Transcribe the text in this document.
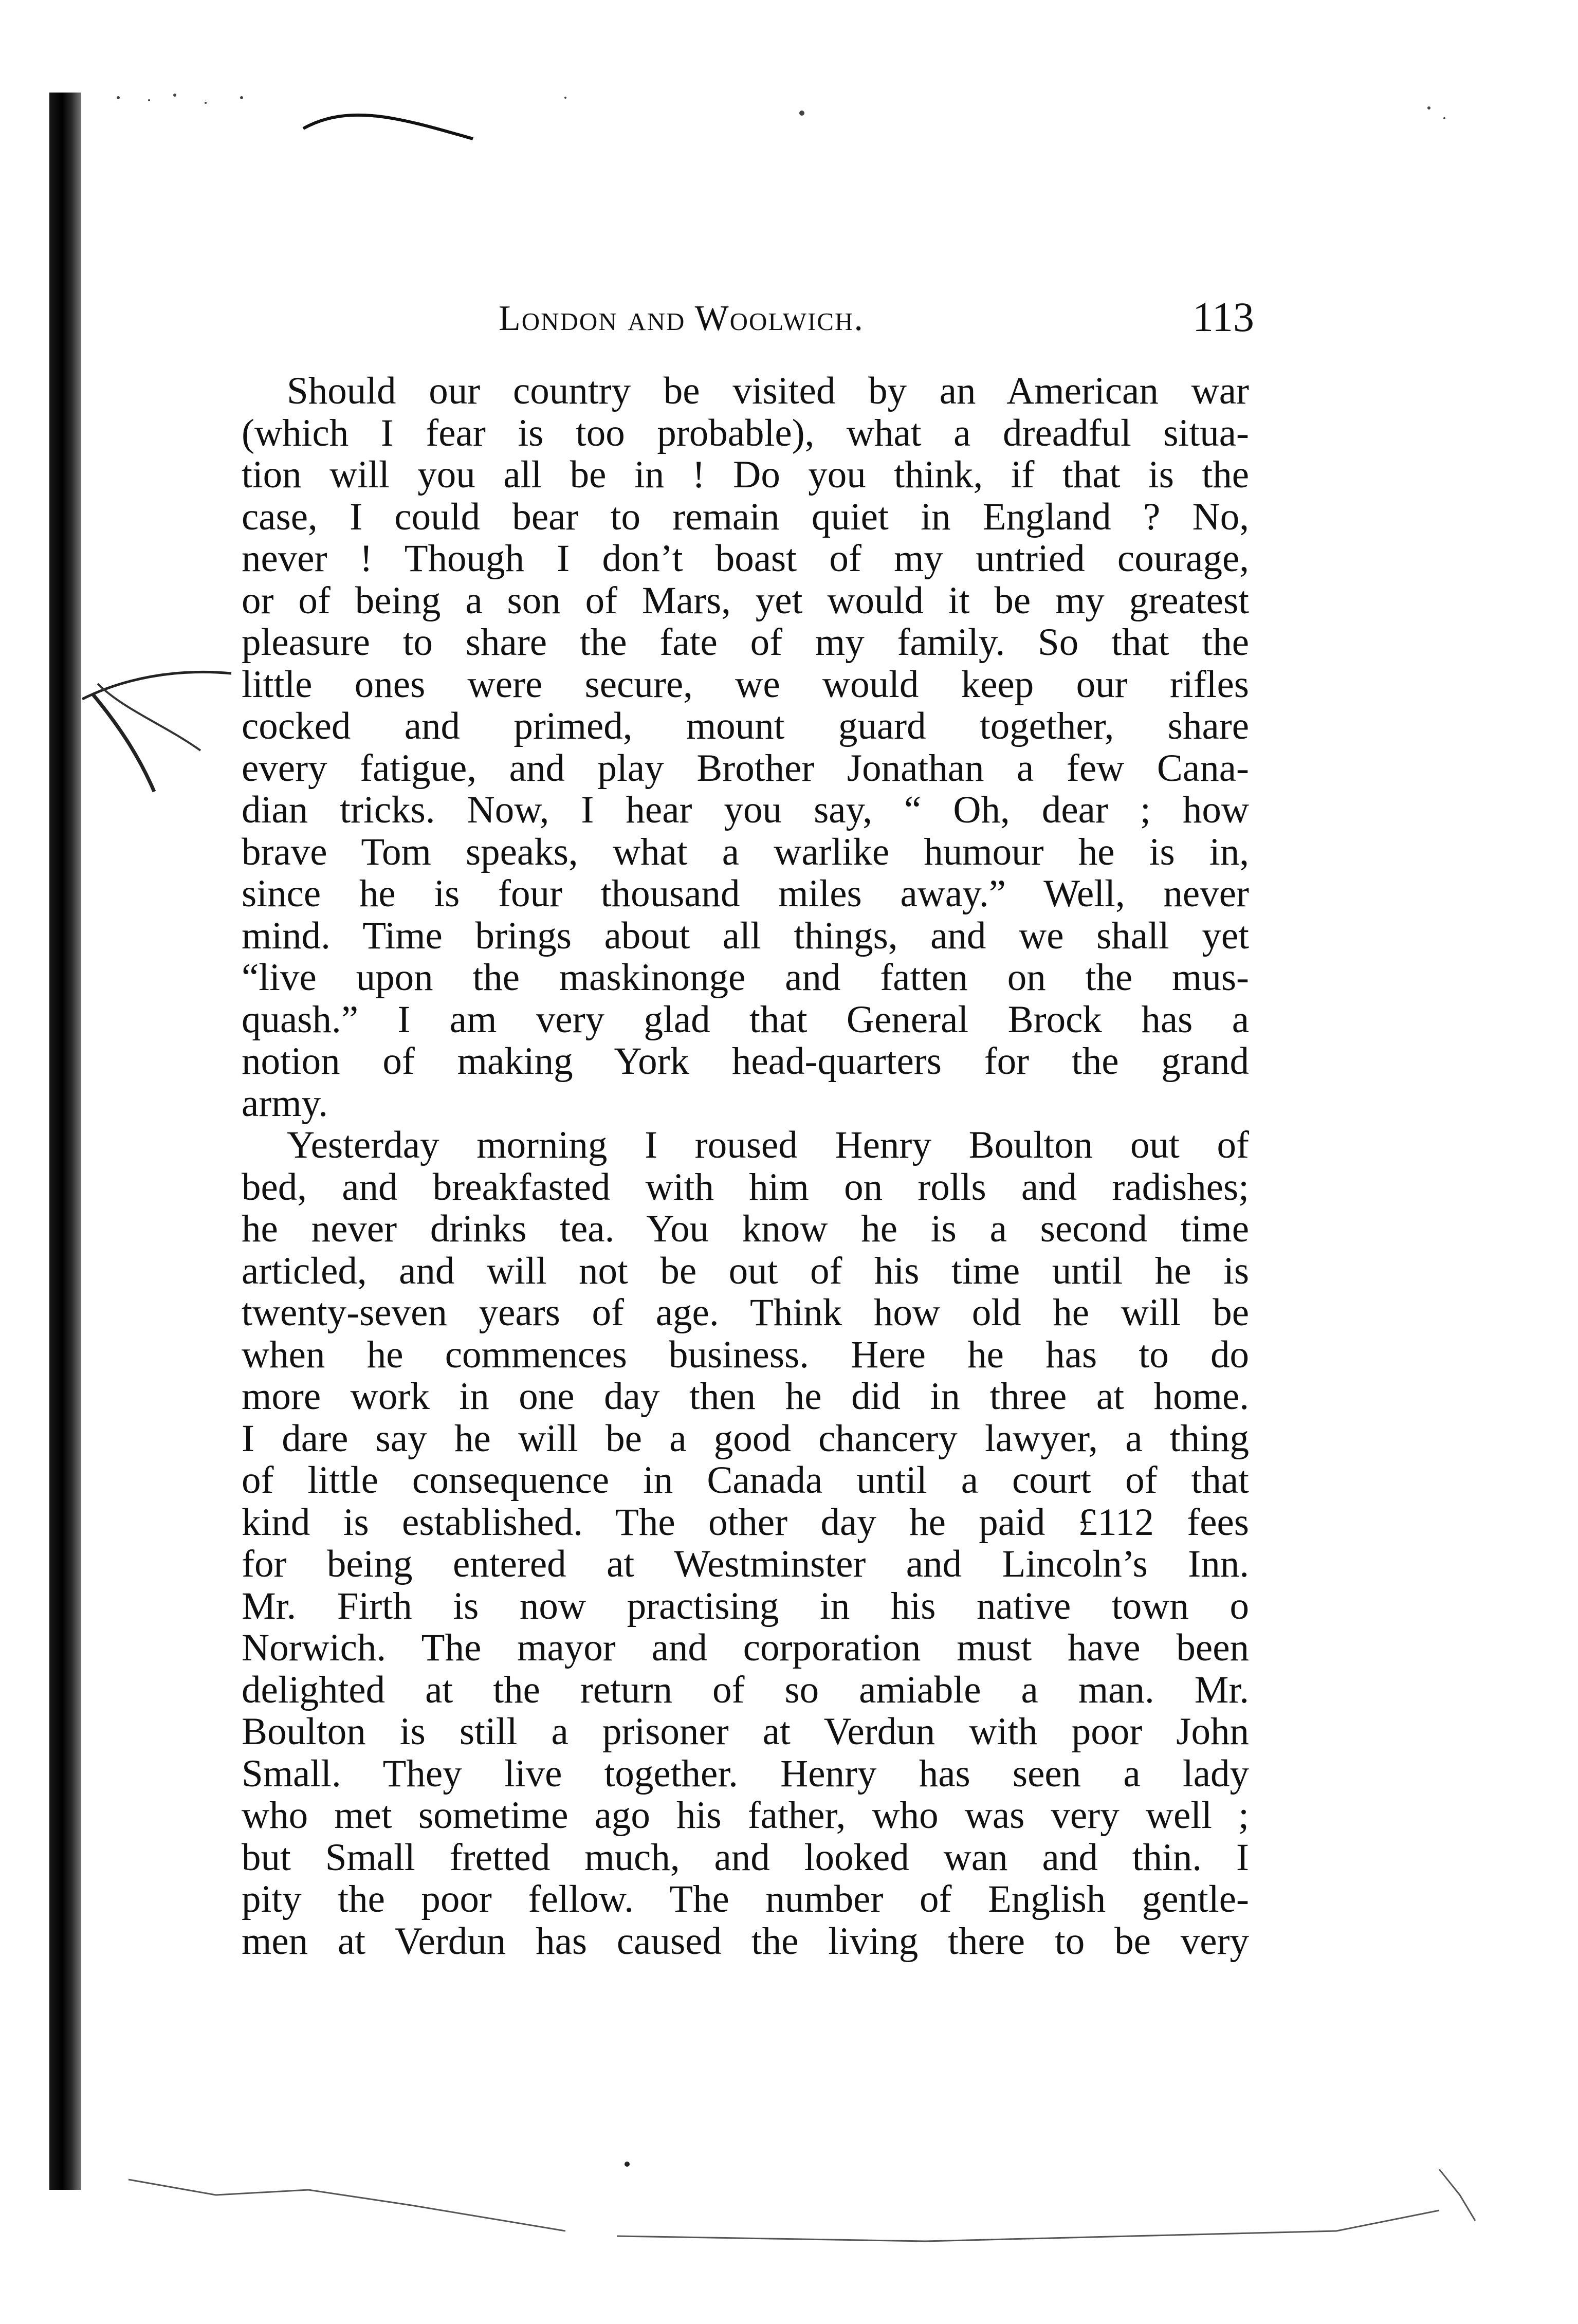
London and Woolwich.	113
Should our country be visited by an American war
(which I fear is too probable), what a dreadful situa-
tion will you all be in ! Do you think, if that is the
case, I could bear to remain quiet in England ? No,
never ! Though I don’t boast of my untried courage,
or of being a son of Mars, yet would it be my greatest
pleasure to share the fate of my family. So that the
little ones were secure, we would keep our rifles
cocked and primed, mount guard together, share
every fatigue, and play Brother Jonathan a few Cana-
dian tricks. Now, I hear you say, “ Oh, dear ; how
brave Tom speaks, what a warlike humour he is in,
since he is four thousand miles away.” Well, never
mind. Time brings about all things, and we shall yet
“live upon the maskinonge and fatten on the mus-
quash.” I am very glad that General Brock has a
notion of making York head-quarters for the grand
army.
Yesterday morning I roused Henry Boulton out of
bed, and breakfasted with him on rolls and radishes;
he never drinks tea. You know he is a second time
articled, and will not be out of his time until he is
twenty-seven years of age. Think how old he will be
when he commences business. Here he has to do
more work in one day then he did in three at home.
I dare say he will be a good chancery lawyer, a thing
of little consequence in Canada until a court of that
kind is established. The other day he paid £112 fees
for being entered at Westminster and Lincoln’s Inn.
Mr. Firth is now practising in his native town o
Norwich. The mayor and corporation must have been
delighted at the return of so amiable a man. Mr.
Boulton is still a prisoner at Verdun with poor John
Small. They live together. Henry has seen a lady
who met sometime ago his father, who was very well ;
but Small fretted much, and looked wan and thin. I
pity the poor fellow. The number of English gentle-
men at Verdun has caused the living there to be very
